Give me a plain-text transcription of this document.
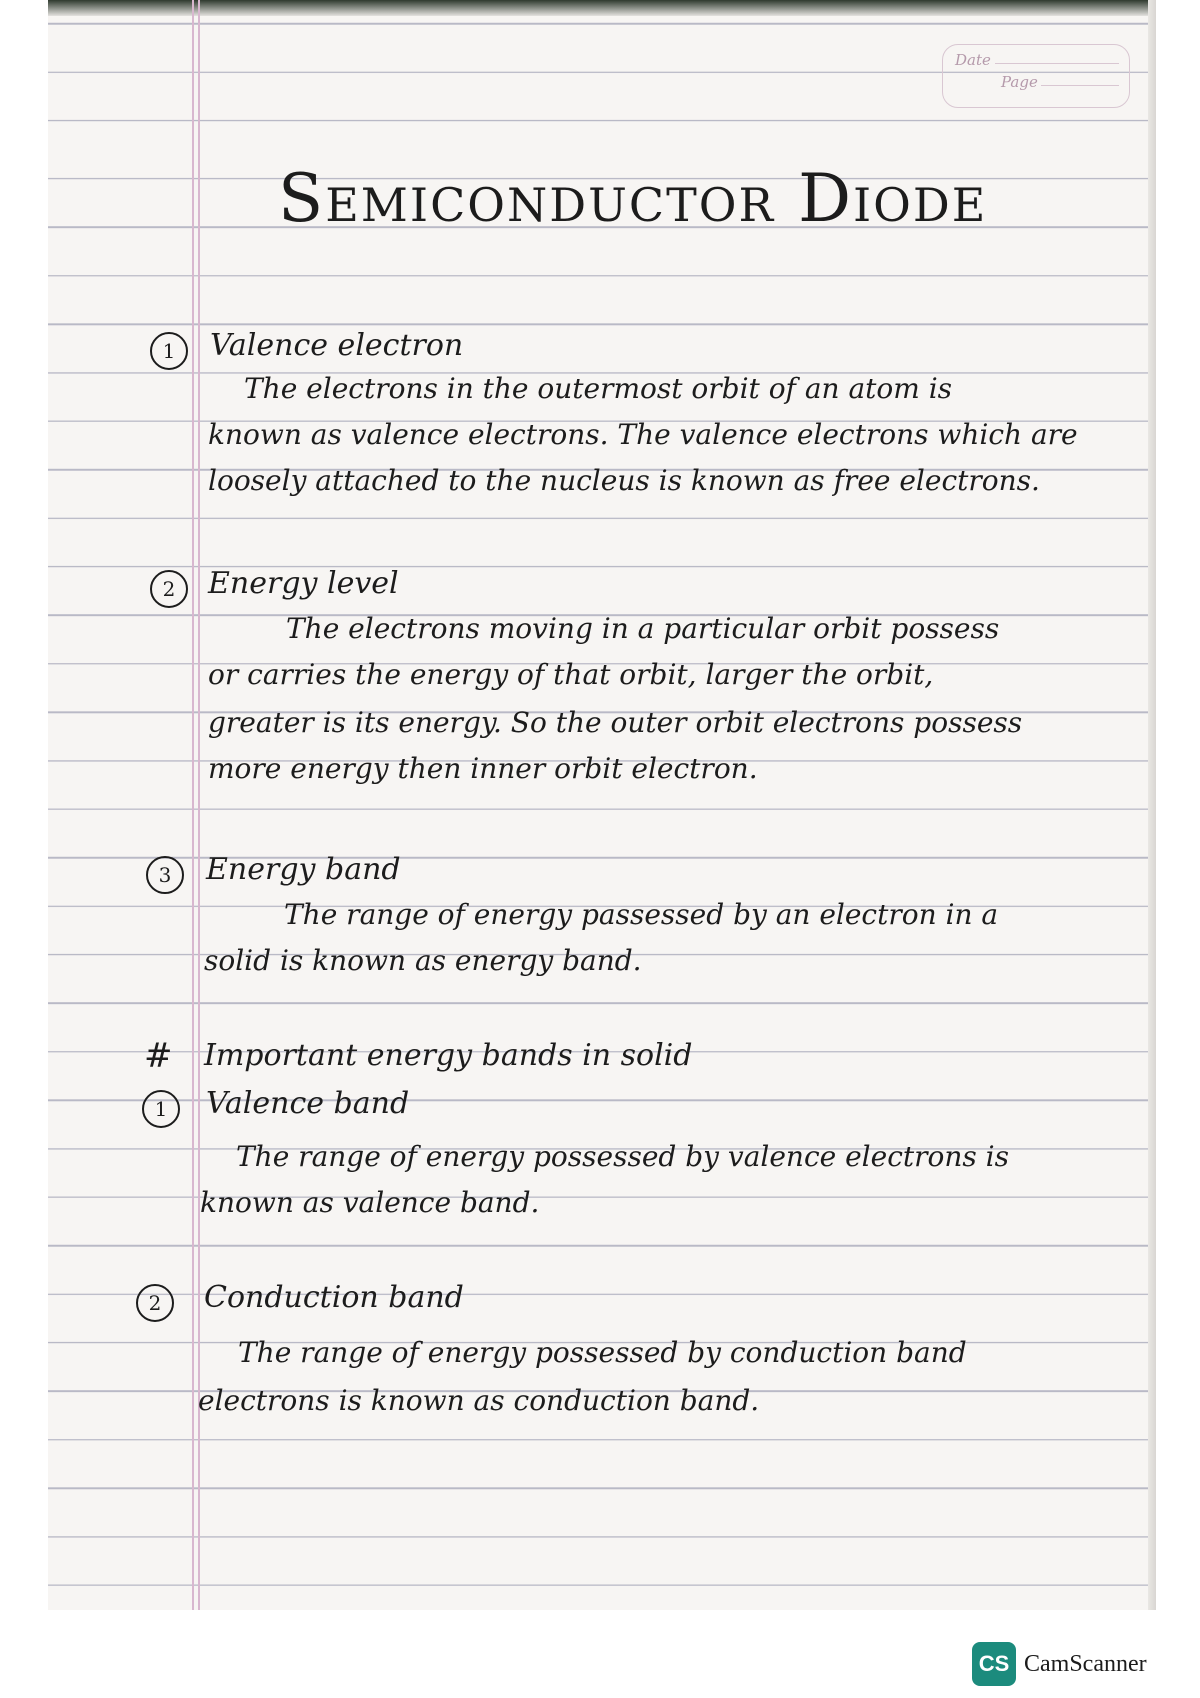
Date
Page
Semiconductor Diode
1	Valence electron
The electrons in the outermost orbit of an atom is
known as valence electrons. The valence electrons which are
loosely attached to the nucleus is known as free electrons.
2	Energy level
The electrons moving in a particular orbit possess
or carries the energy of that orbit, larger the orbit,
greater is its energy. So the outer orbit electrons possess
more energy then inner orbit electron.
3	Energy band
The range of energy passessed by an electron in a
solid is known as energy band.
# Important energy bands in solid
1	Valence band
The range of energy possessed by valence electrons is
known as valence band.
2	Conduction band
The range of energy possessed by conduction band
electrons is known as conduction band.
CS CamScanner
